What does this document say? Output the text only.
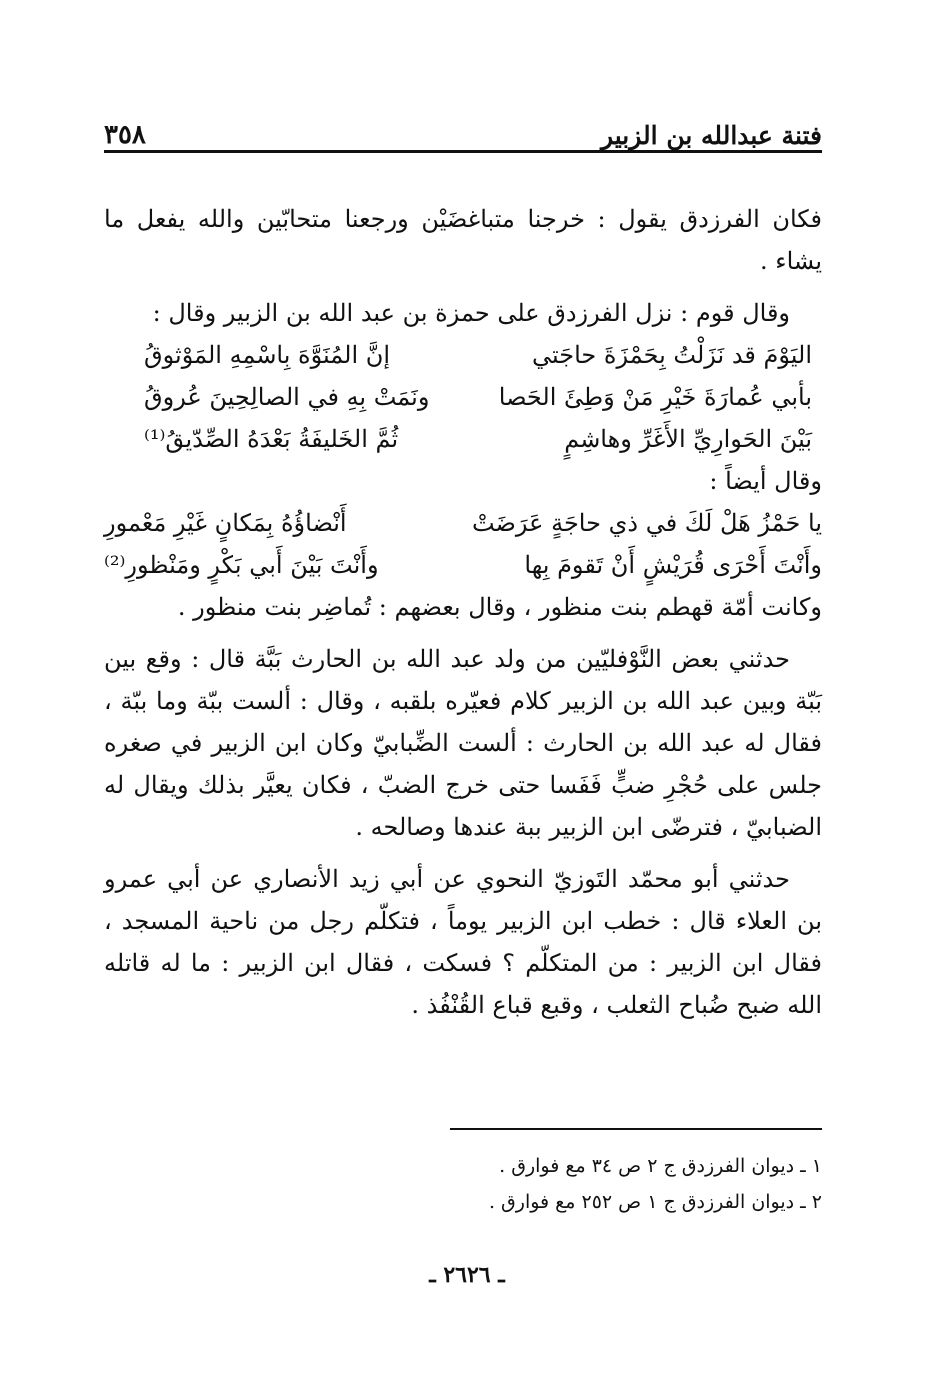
فتنة عبدالله بن الزبير
٣٥٨

فكان الفرزدق يقول : خرجنا متباغضَيْن ورجعنا متحابّين والله يفعل ما يشاء .

وقال قوم : نزل الفرزدق على حمزة بن عبد الله بن الزبير وقال :

اليَوْمَ قد نَزَلْتُ بِحَمْزَةَ حاجَتي
إنَّ المُنَوَّهَ بِاسْمِهِ المَوْثوقُ
بأبي عُمارَةَ خَيْرِ مَنْ وَطِئَ الحَصا
ونَمَتْ بِهِ في الصالِحِينَ عُروقُ
بَيْنَ الحَوارِيِّ الأَغَرِّ وهاشِمٍ
ثُمَّ الخَليفَةُ بَعْدَهُ الصِّدّيقُ⁽¹⁾

وقال أيضاً :

يا حَمْزُ هَلْ لَكَ في ذي حاجَةٍ عَرَضَتْ
أَنْضاؤُهُ بِمَكانٍ غَيْرِ مَعْمورِ
وأَنْتَ أَحْرَى قُرَيْشٍ أَنْ تَقومَ بِها
وأَنْتَ بَيْنَ أَبي بَكْرٍ ومَنْظورِ⁽²⁾

وكانت أمّة قهطم بنت منظور ، وقال بعضهم : تُماضِر بنت منظور .

حدثني بعض النَّوْفليّين من ولد عبد الله بن الحارث بَبَّة قال : وقع بين بَبّة وبين عبد الله بن الزبير كلام فعيّره بلقبه ، وقال : ألست ببّة وما ببّة ، فقال له عبد الله بن الحارث : ألست الضِّبابيّ وكان ابن الزبير في صغره جلس على حُجْرِ ضبٍّ فَفَسا حتى خرج الضبّ ، فكان يعيَّر بذلك ويقال له الضبابيّ ، فترضّى ابن الزبير ببة عندها وصالحه .

حدثني أبو محمّد التَوزيّ النحوي عن أبي زيد الأنصاري عن أبي عمرو بن العلاء قال : خطب ابن الزبير يوماً ، فتكلّم رجل من ناحية المسجد ، فقال ابن الزبير : من المتكلّم ؟ فسكت ، فقال ابن الزبير : ما له قاتله الله ضبح ضُباح الثعلب ، وقبع قباع القُنْفُذ .

١ ـ ديوان الفرزدق ج ٢ ص ٣٤ مع فوارق .
٢ ـ ديوان الفرزدق ج ١ ص ٢٥٢ مع فوارق .
ـ ٢٦٢٦ ـ
